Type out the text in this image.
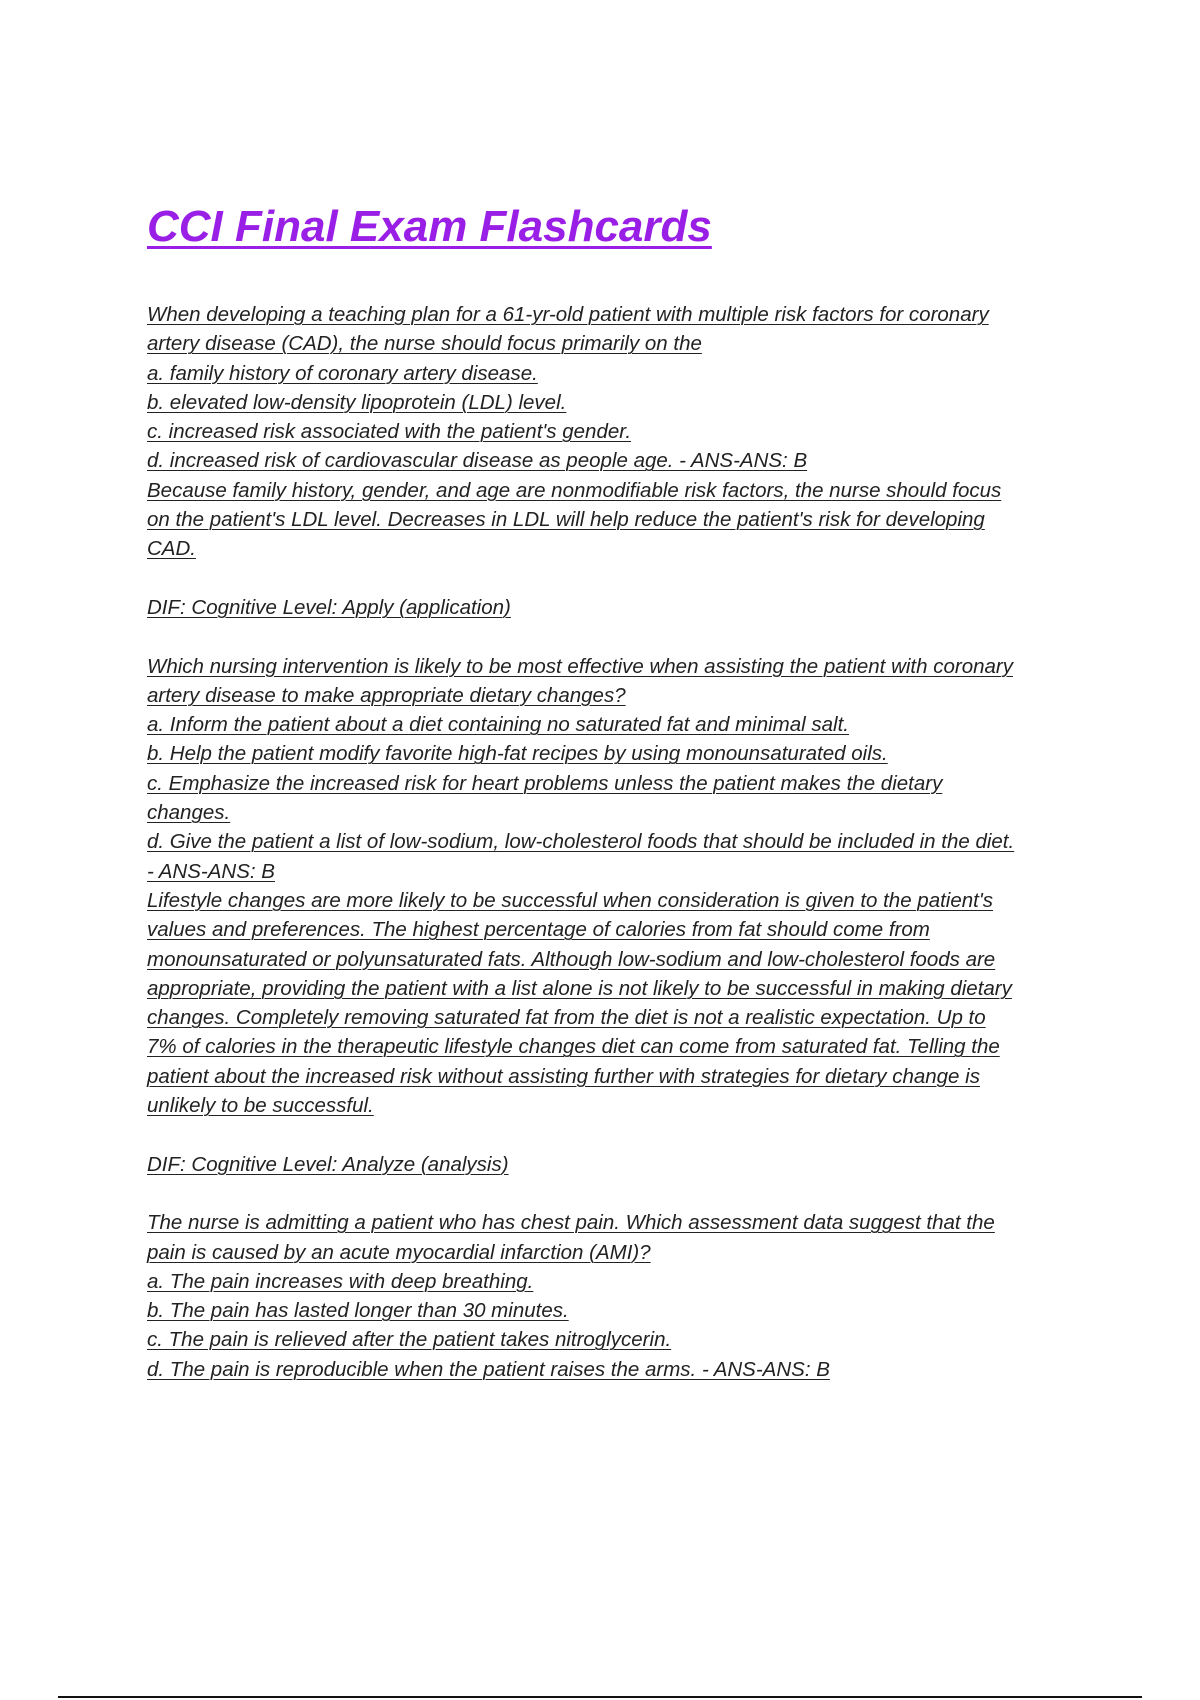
CCI Final Exam Flashcards
When developing a teaching plan for a 61-yr-old patient with multiple risk factors for coronary
artery disease (CAD), the nurse should focus primarily on the
a. family history of coronary artery disease.
b. elevated low-density lipoprotein (LDL) level.
c. increased risk associated with the patient's gender.
d. increased risk of cardiovascular disease as people age. - ANS-ANS: B
Because family history, gender, and age are nonmodifiable risk factors, the nurse should focus
on the patient's LDL level. Decreases in LDL will help reduce the patient's risk for developing
CAD.
DIF: Cognitive Level: Apply (application)
Which nursing intervention is likely to be most effective when assisting the patient with coronary
artery disease to make appropriate dietary changes?
a. Inform the patient about a diet containing no saturated fat and minimal salt.
b. Help the patient modify favorite high-fat recipes by using monounsaturated oils.
c. Emphasize the increased risk for heart problems unless the patient makes the dietary
changes.
d. Give the patient a list of low-sodium, low-cholesterol foods that should be included in the diet.
- ANS-ANS: B
Lifestyle changes are more likely to be successful when consideration is given to the patient's
values and preferences. The highest percentage of calories from fat should come from
monounsaturated or polyunsaturated fats. Although low-sodium and low-cholesterol foods are
appropriate, providing the patient with a list alone is not likely to be successful in making dietary
changes. Completely removing saturated fat from the diet is not a realistic expectation. Up to
7% of calories in the therapeutic lifestyle changes diet can come from saturated fat. Telling the
patient about the increased risk without assisting further with strategies for dietary change is
unlikely to be successful.
DIF: Cognitive Level: Analyze (analysis)
The nurse is admitting a patient who has chest pain. Which assessment data suggest that the
pain is caused by an acute myocardial infarction (AMI)?
a. The pain increases with deep breathing.
b. The pain has lasted longer than 30 minutes.
c. The pain is relieved after the patient takes nitroglycerin.
d. The pain is reproducible when the patient raises the arms. - ANS-ANS: B
